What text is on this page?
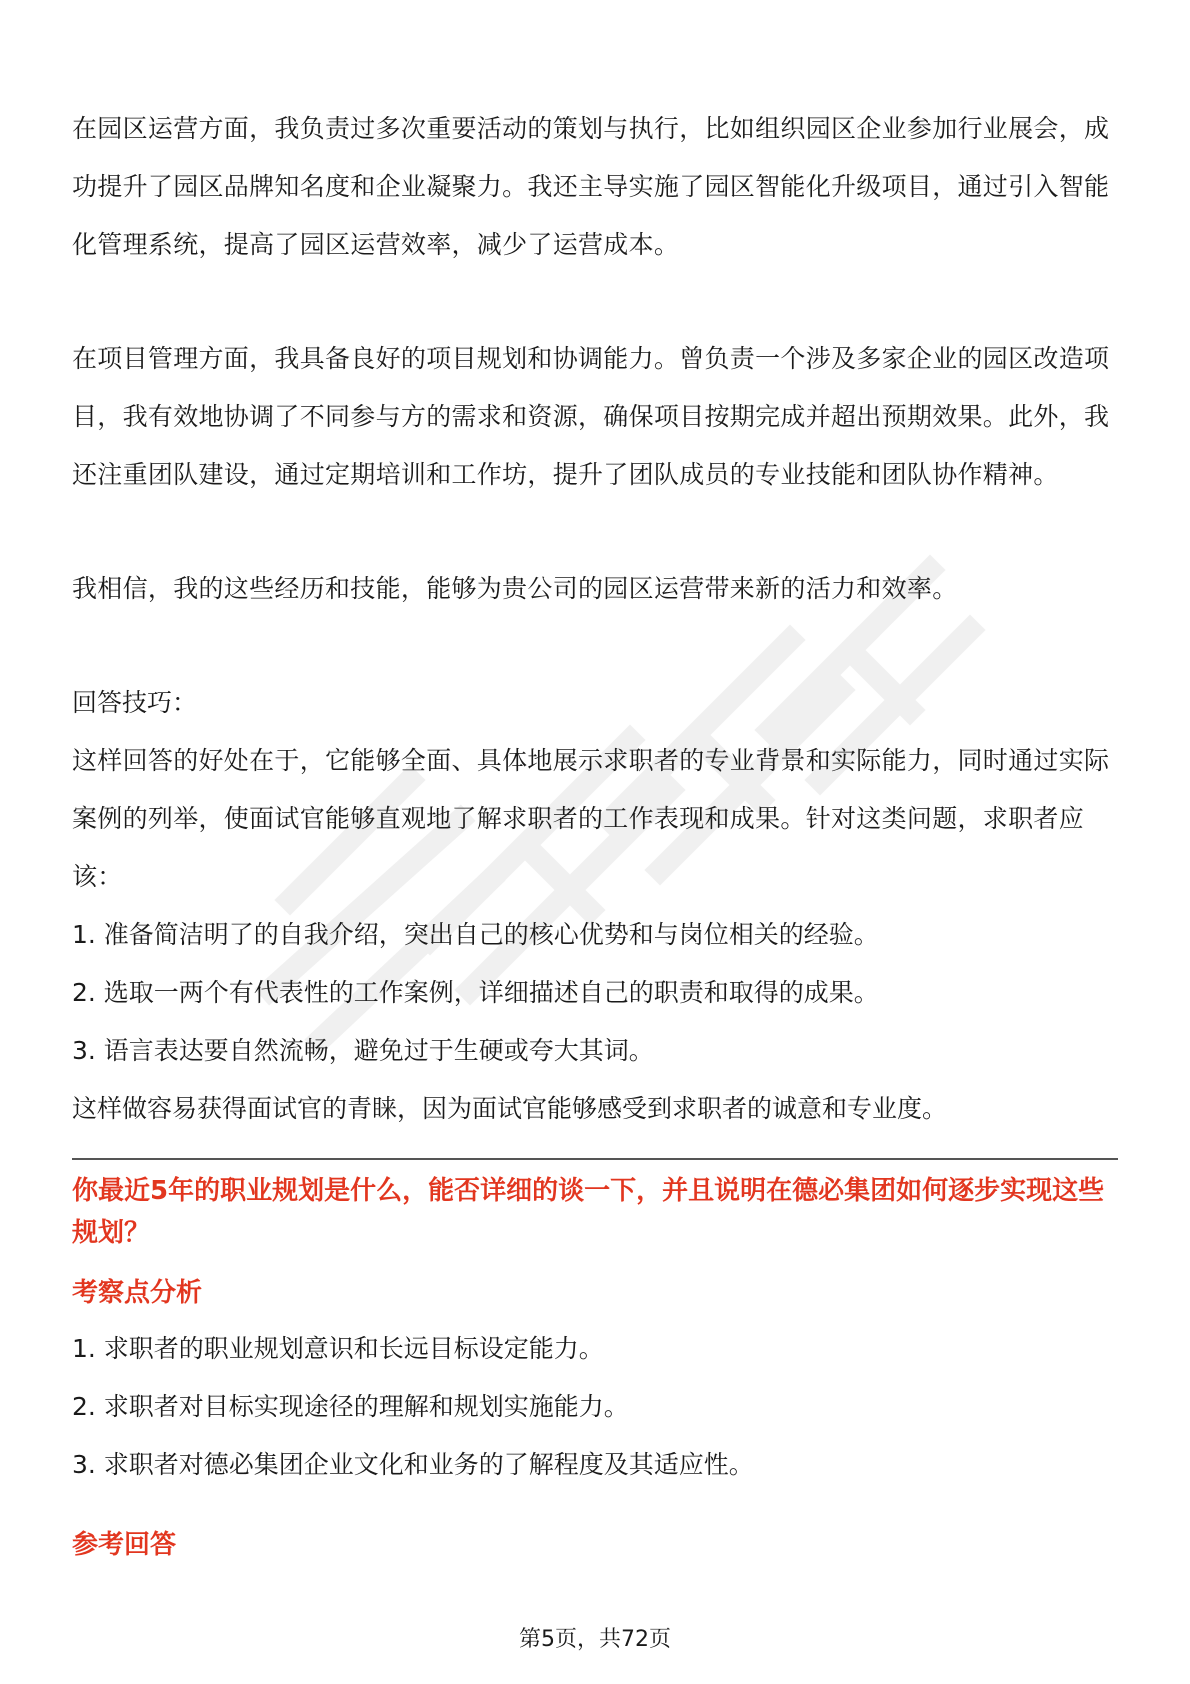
在园区运营方面，我负责过多次重要活动的策划与执行，比如组织园区企业参加行业展会，成功提升了园区品牌知名度和企业凝聚力。我还主导实施了园区智能化升级项目，通过引入智能化管理系统，提高了园区运营效率，减少了运营成本。

在项目管理方面，我具备良好的项目规划和协调能力。曾负责一个涉及多家企业的园区改造项目，我有效地协调了不同参与方的需求和资源，确保项目按期完成并超出预期效果。此外，我还注重团队建设，通过定期培训和工作坊，提升了团队成员的专业技能和团队协作精神。

我相信，我的这些经历和技能，能够为贵公司的园区运营带来新的活力和效率。

回答技巧：

这样回答的好处在于，它能够全面、具体地展示求职者的专业背景和实际能力，同时通过实际案例的列举，使面试官能够直观地了解求职者的工作表现和成果。针对这类问题，求职者应该：

1. 准备简洁明了的自我介绍，突出自己的核心优势和与岗位相关的经验。

2. 选取一两个有代表性的工作案例，详细描述自己的职责和取得的成果。

3. 语言表达要自然流畅，避免过于生硬或夸大其词。

这样做容易获得面试官的青睐，因为面试官能够感受到求职者的诚意和专业度。

你最近5年的职业规划是什么，能否详细的谈一下，并且说明在德必集团如何逐步实现这些规划？

考察点分析

1. 求职者的职业规划意识和长远目标设定能力。

2. 求职者对目标实现途径的理解和规划实施能力。

3. 求职者对德必集团企业文化和业务的了解程度及其适应性。

参考回答

第5页，共72页
